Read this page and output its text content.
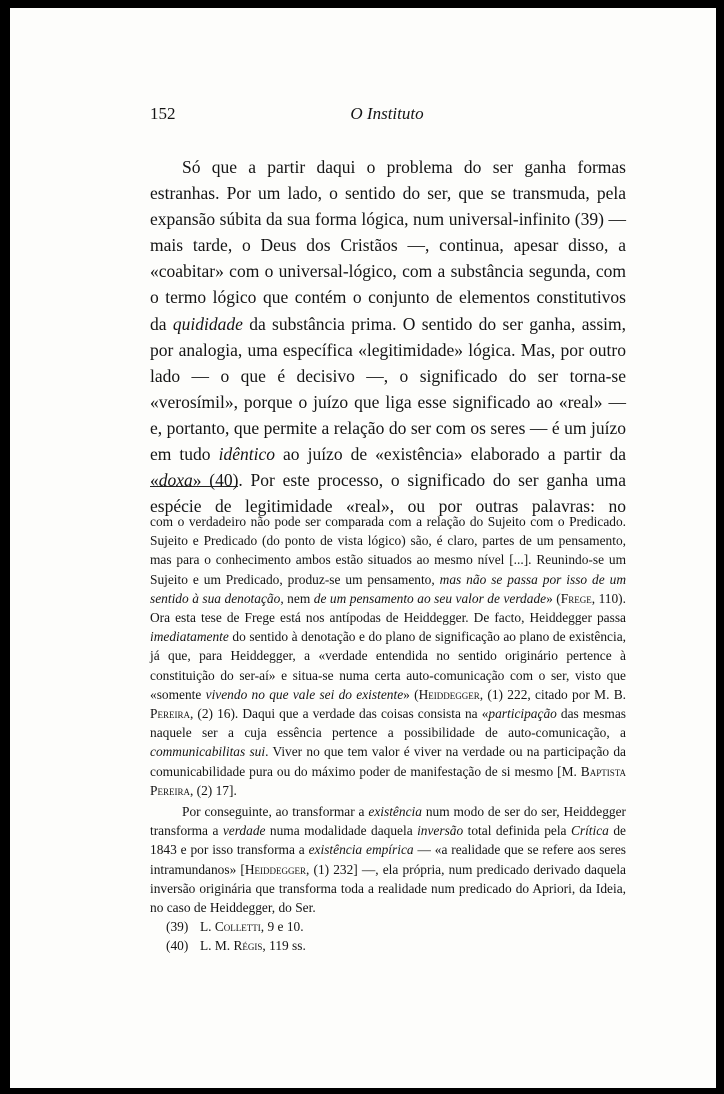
152	O Instituto

Só que a partir daqui o problema do ser ganha formas estranhas. Por um lado, o sentido do ser, que se transmuda, pela expansão súbita da sua forma lógica, num universal-infinito (39) — mais tarde, o Deus dos Cristãos —, continua, apesar disso, a «coabitar» com o universal-lógico, com a substância segunda, com o termo lógico que contém o conjunto de elementos constitutivos da quididade da substância prima. O sentido do ser ganha, assim, por analogia, uma específica «legitimidade» lógica. Mas, por outro lado — o que é decisivo —, o significado do ser torna-se «verosímil», porque o juízo que liga esse significado ao «real» — e, portanto, que permite a relação do ser com os seres — é um juízo em tudo idêntico ao juízo de «existência» elaborado a partir da «doxa» (40). Por este processo, o significado do ser ganha uma espécie de legitimidade «real», ou por outras palavras: no

com o verdadeiro não pode ser comparada com a relação do Sujeito com o Predicado. Sujeito e Predicado (do ponto de vista lógico) são, é claro, partes de um pensamento, mas para o conhecimento ambos estão situados ao mesmo nível [...]. Reunindo-se um Sujeito e um Predicado, produz-se um pensamento, mas não se passa por isso de um sentido à sua denotação, nem de um pensamento ao seu valor de verdade» (Frege, 110). Ora esta tese de Frege está nos antípodas de Heiddegger. De facto, Heiddegger passa imediatamente do sentido à denotação e do plano de significação ao plano de existência, já que, para Heiddegger, a «verdade entendida no sentido originário pertence à constituição do ser-aí» e situa-se numa certa auto-comunicação com o ser, visto que «somente vivendo no que vale sei do existente» (Heiddegger, (1) 222, citado por M. B. Pereira, (2) 16). Daqui que a verdade das coisas consista na «participação das mesmas naquele ser a cuja essência pertence a possibilidade de auto-comunicação, a communicabilitas sui. Viver no que tem valor é viver na verdade ou na participação da comunicabilidade pura ou do máximo poder de manifestação de si mesmo [M. Baptista Pereira, (2) 17].

Por conseguinte, ao transformar a existência num modo de ser do ser, Heiddegger transforma a verdade numa modalidade daquela inversão total definida pela Crítica de 1843 e por isso transforma a existência empírica — «a realidade que se refere aos seres intramundanos» [Heiddegger, (1) 232] —, ela própria, num predicado derivado daquela inversão originária que transforma toda a realidade num predicado do Apriori, da Ideia, no caso de Heiddegger, do Ser.

(39) L. Colletti, 9 e 10.

(40) L. M. Régis, 119 ss.
